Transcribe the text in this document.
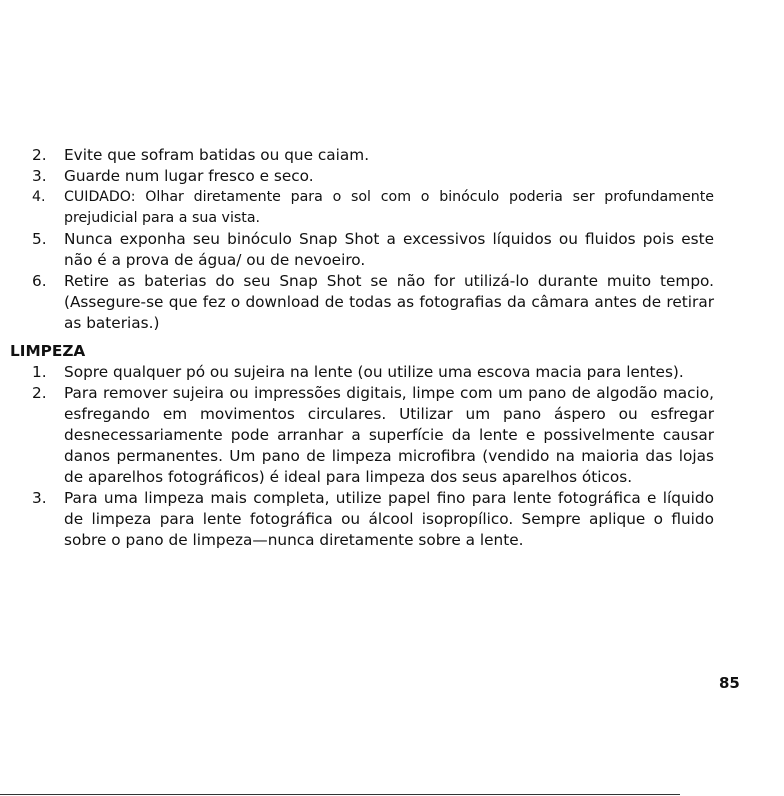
2. Evite que sofram batidas ou que caiam.
3. Guarde num lugar fresco e seco.
4. CUIDADO: Olhar diretamente para o sol com o binóculo poderia ser profundamente prejudicial para a sua vista.
5. Nunca exponha seu binóculo Snap Shot a excessivos líquidos ou fluidos pois este não é a prova de água/ ou de nevoeiro.
6. Retire as baterias do seu Snap Shot se não for utilizá-lo durante muito tempo. (Assegure-se que fez o download de todas as fotografias da câmara antes de retirar as baterias.)
LIMPEZA
1. Sopre qualquer pó ou sujeira na lente (ou utilize uma escova macia para lentes).
2. Para remover sujeira ou impressões digitais, limpe com um pano de algodão macio, esfregando em movimentos circulares. Utilizar um pano áspero ou esfregar desnecessariamente pode arranhar a superfície da lente e possivelmente causar danos permanentes. Um pano de limpeza microfibra (vendido na maioria das lojas de aparelhos fotográficos) é ideal para limpeza dos seus aparelhos óticos.
3. Para uma limpeza mais completa, utilize papel fino para lente fotográfica e líquido de limpeza para lente fotográfica ou álcool isopropílico. Sempre aplique o fluido sobre o pano de limpeza—nunca diretamente sobre a lente.
85
